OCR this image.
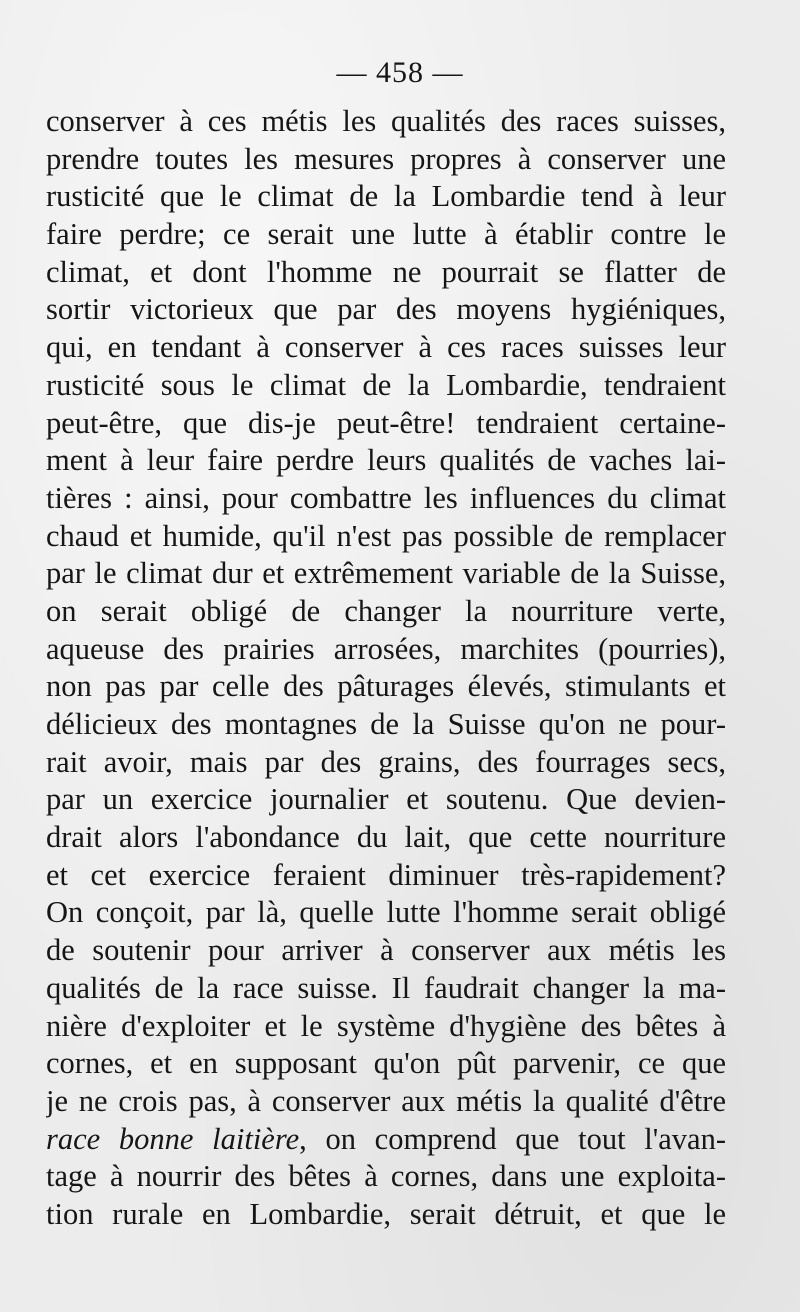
— 458 —
conserver à ces métis les qualités des races suisses,
prendre toutes les mesures propres à conserver une
rusticité que le climat de la Lombardie tend à leur
faire perdre; ce serait une lutte à établir contre le
climat, et dont l'homme ne pourrait se flatter de
sortir victorieux que par des moyens hygiéniques,
qui, en tendant à conserver à ces races suisses leur
rusticité sous le climat de la Lombardie, tendraient
peut-être, que dis-je peut-être! tendraient certaine-
ment à leur faire perdre leurs qualités de vaches lai-
tières : ainsi, pour combattre les influences du climat
chaud et humide, qu'il n'est pas possible de remplacer
par le climat dur et extrêmement variable de la Suisse,
on serait obligé de changer la nourriture verte,
aqueuse des prairies arrosées, marchites (pourries),
non pas par celle des pâturages élevés, stimulants et
délicieux des montagnes de la Suisse qu'on ne pour-
rait avoir, mais par des grains, des fourrages secs,
par un exercice journalier et soutenu. Que devien-
drait alors l'abondance du lait, que cette nourriture
et cet exercice feraient diminuer très-rapidement?
On conçoit, par là, quelle lutte l'homme serait obligé
de soutenir pour arriver à conserver aux métis les
qualités de la race suisse. Il faudrait changer la ma-
nière d'exploiter et le système d'hygiène des bêtes à
cornes, et en supposant qu'on pût parvenir, ce que
je ne crois pas, à conserver aux métis la qualité d'être
race bonne laitière, on comprend que tout l'avan-
tage à nourrir des bêtes à cornes, dans une exploita-
tion rurale en Lombardie, serait détruit, et que le
